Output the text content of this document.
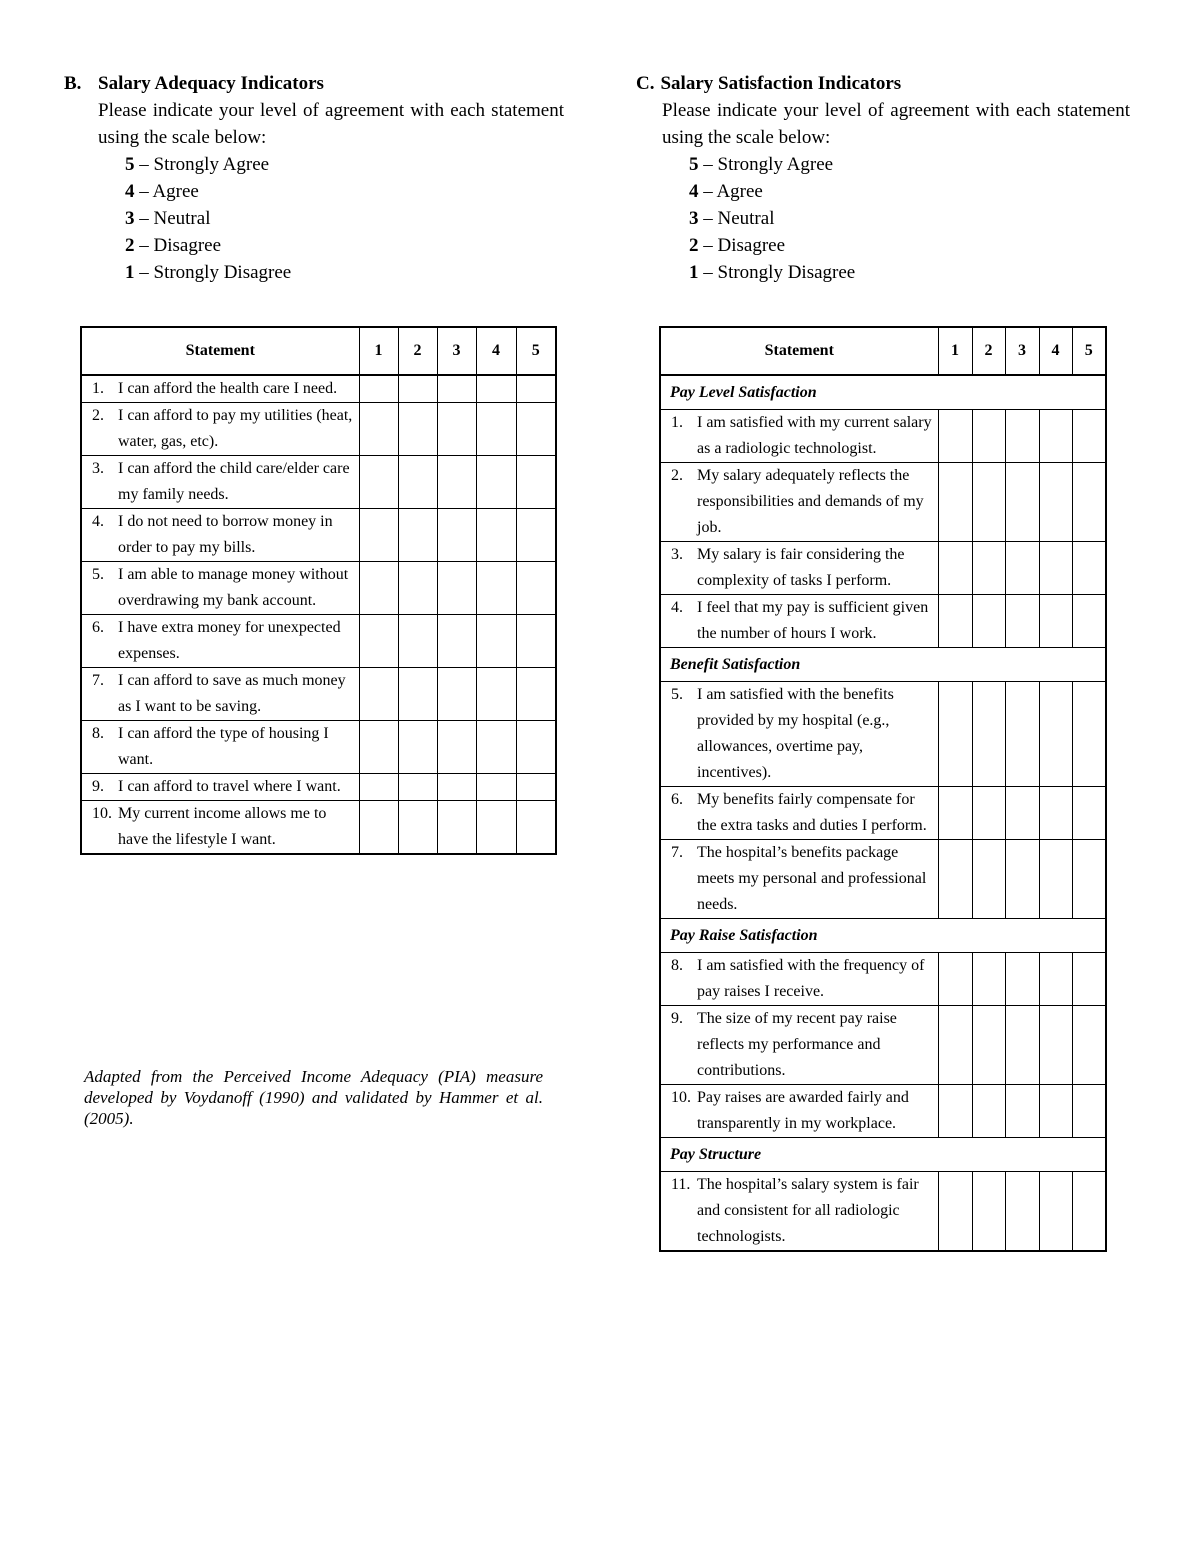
B. Salary Adequacy Indicators

Please indicate your level of agreement with each statement using the scale below:

5 – Strongly Agree
4 – Agree
3 – Neutral
2 – Disagree
1 – Strongly Disagree

C. Salary Satisfaction Indicators

Please indicate your level of agreement with each statement using the scale below:

5 – Strongly Agree
4 – Agree
3 – Neutral
2 – Disagree
1 – Strongly Disagree
Statement	1	2	3	4	5

1. I can afford the health care I need.					

2. I can afford to pay my utilities (heat, water, gas, etc).					

3. I can afford the child care/elder care my family needs.					

4. I do not need to borrow money in order to pay my bills.					

5. I am able to manage money without overdrawing my bank account.					

6. I have extra money for unexpected expenses.					

7. I can afford to save as much money as I want to be saving.					

8. I can afford the type of housing I want.					

9. I can afford to travel where I want.					

10. My current income allows me to have the lifestyle I want.					

Adapted from the Perceived Income Adequacy (PIA) measure developed by Voydanoff (1990) and validated by Hammer et al. (2005).

Statement	1	2	3	4	5
Pay Level Satisfaction					

1. I am satisfied with my current salary as a radiologic technologist.					

2. My salary adequately reflects the responsibilities and demands of my job.					

3. My salary is fair considering the complexity of tasks I perform.					

4. I feel that my pay is sufficient given the number of hours I work.					

Benefit Satisfaction					

5. I am satisfied with the benefits provided by my hospital (e.g., allowances, overtime pay, incentives).					

6. My benefits fairly compensate for the extra tasks and duties I perform.					

7. The hospital’s benefits package meets my personal and professional needs.					

Pay Raise Satisfaction					

8. I am satisfied with the frequency of pay raises I receive.					

9. The size of my recent pay raise reflects my performance and contributions.					

10. Pay raises are awarded fairly and transparently in my workplace.					

Pay Structure					

11. The hospital’s salary system is fair and consistent for all radiologic technologists.					
